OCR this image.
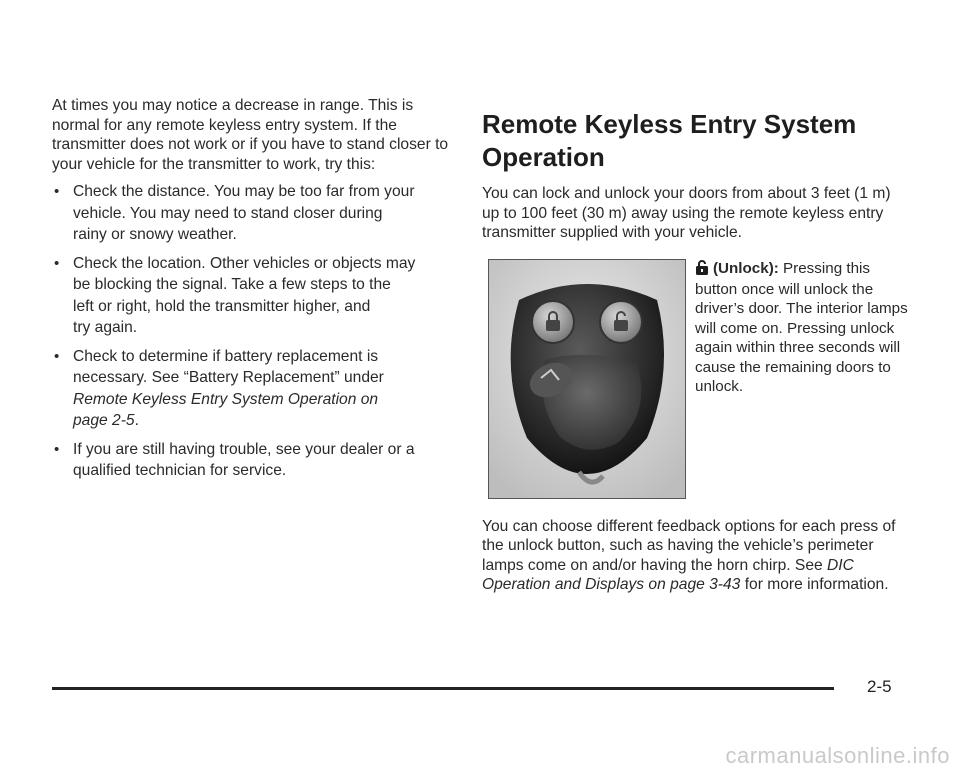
At times you may notice a decrease in range. This is normal for any remote keyless entry system. If the transmitter does not work or if you have to stand closer to your vehicle for the transmitter to work, try this:

• Check the distance. You may be too far from your
vehicle. You may need to stand closer during
rainy or snowy weather.
• Check the location. Other vehicles or objects may
be blocking the signal. Take a few steps to the
left or right, hold the transmitter higher, and
try again.
• Check to determine if battery replacement is necessary. See “Battery Replacement” under
Remote Keyless Entry System Operation on
page 2-5.
• If you are still having trouble, see your dealer or a
qualified technician for service.
Remote Keyless Entry System
Operation

You can lock and unlock your doors from about 3 feet (1 m) up to 100 feet (30 m) away using the remote keyless entry transmitter supplied with your vehicle.

(Unlock): Pressing this button once will unlock the driver’s door. The interior lamps will come on. Pressing unlock again within three seconds will cause the remaining doors to unlock.

You can choose different feedback options for each press of the unlock button, such as having the vehicle’s perimeter lamps come on and/or having the horn chirp. See DIC Operation and Displays on page 3-43 for more information.

2-5
carmanualsonline.info
